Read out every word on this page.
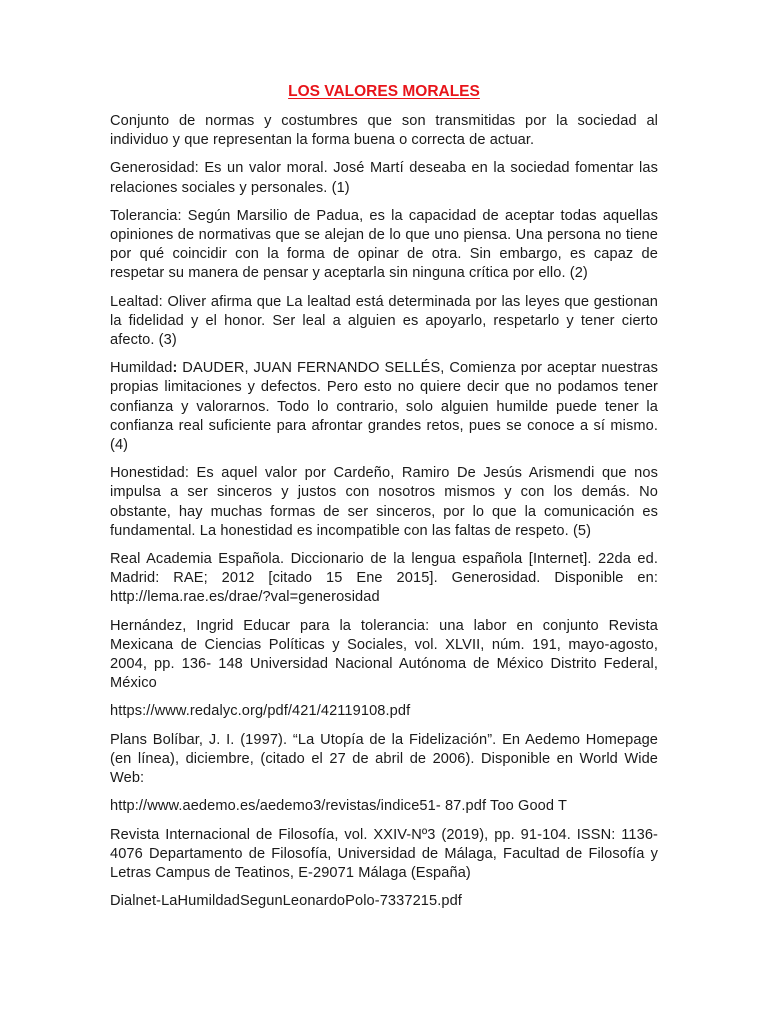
LOS VALORES MORALES

Conjunto de normas y costumbres que son transmitidas por la sociedad al individuo y que representan la forma buena o correcta de actuar.

Generosidad: Es un valor moral. José Martí deseaba en la sociedad fomentar las relaciones sociales y personales. (1)

Tolerancia: Según Marsilio de Padua, es la capacidad de aceptar todas aquellas opiniones de normativas que se alejan de lo que uno piensa. Una persona no tiene por qué coincidir con la forma de opinar de otra. Sin embargo, es capaz de respetar su manera de pensar y aceptarla sin ninguna crítica por ello. (2)

Lealtad: Oliver afirma que La lealtad está determinada por las leyes que gestionan la fidelidad y el honor. Ser leal a alguien es apoyarlo, respetarlo y tener cierto afecto. (3)

Humildad: DAUDER, JUAN FERNANDO SELLÉS, Comienza por aceptar nuestras propias limitaciones y defectos. Pero esto no quiere decir que no podamos tener confianza y valorarnos. Todo lo contrario, solo alguien humilde puede tener la confianza real suficiente para afrontar grandes retos, pues se conoce a sí mismo. (4)

Honestidad: Es aquel valor por Cardeño, Ramiro De Jesús Arismendi que nos impulsa a ser sinceros y justos con nosotros mismos y con los demás. No obstante, hay muchas formas de ser sinceros, por lo que la comunicación es fundamental. La honestidad es incompatible con las faltas de respeto. (5)

Real Academia Española. Diccionario de la lengua española [Internet]. 22da ed. Madrid: RAE; 2012 [citado 15 Ene 2015]. Generosidad. Disponible en: http://lema.rae.es/drae/?val=generosidad

Hernández, Ingrid Educar para la tolerancia: una labor en conjunto Revista Mexicana de Ciencias Políticas y Sociales, vol. XLVII, núm. 191, mayo-agosto, 2004, pp. 136- 148 Universidad Nacional Autónoma de México Distrito Federal, México

https://www.redalyc.org/pdf/421/42119108.pdf

Plans Bolíbar, J. I. (1997). “La Utopía de la Fidelización”. En Aedemo Homepage (en línea), diciembre, (citado el 27 de abril de 2006). Disponible en World Wide Web:

http://www.aedemo.es/aedemo3/revistas/indice51- 87.pdf Too Good T

Revista Internacional de Filosofía, vol. XXIV-Nº3 (2019), pp. 91-104. ISSN: 1136-4076 Departamento de Filosofía, Universidad de Málaga, Facultad de Filosofía y Letras Campus de Teatinos, E-29071 Málaga (España)

Dialnet-LaHumildadSegunLeonardoPolo-7337215.pdf
